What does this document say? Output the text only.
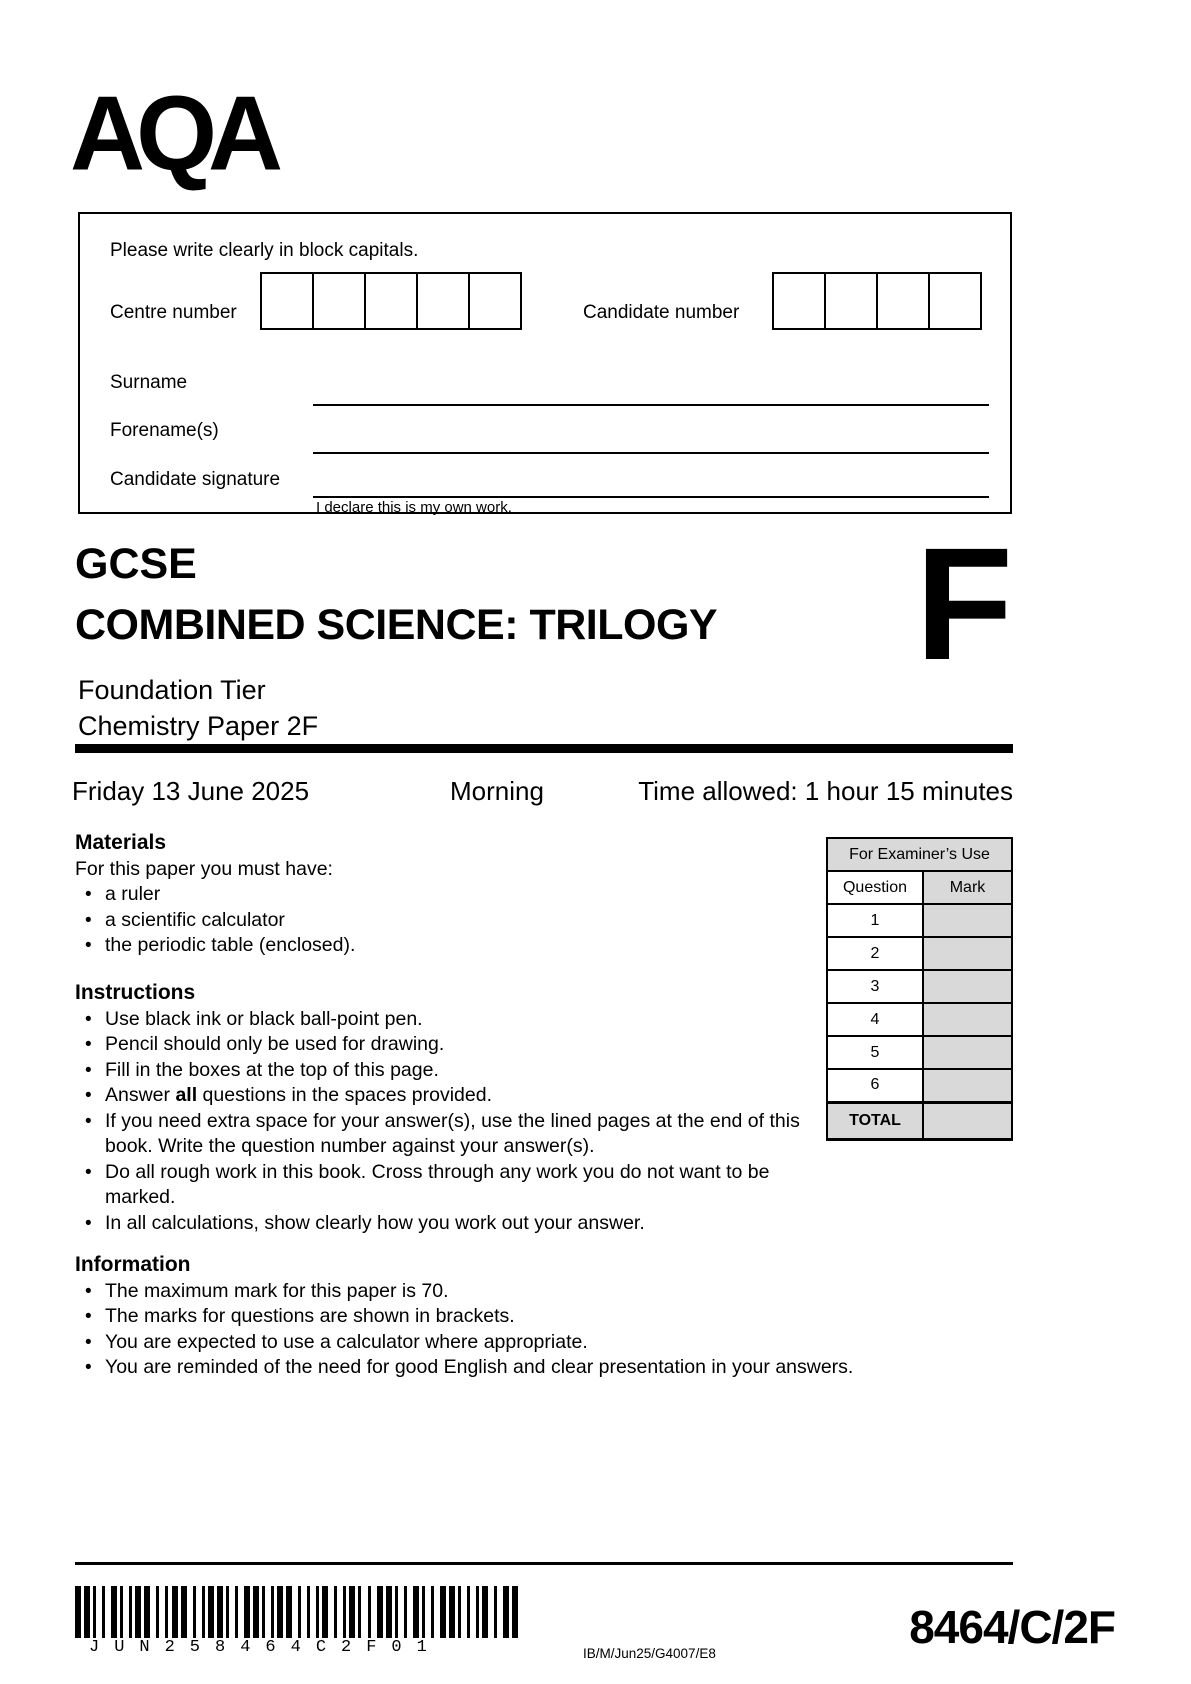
AQA
Please write clearly in block capitals.
Centre number	Candidate number
Surname
Forename(s)
Candidate signature
I declare this is my own work.
GCSE
COMBINED SCIENCE: TRILOGY F
Foundation Tier
Chemistry Paper 2F
Friday 13 June 2025	Morning	Time allowed: 1 hour 15 minutes
Materials
For this paper you must have:
• a ruler
• a scientific calculator
• the periodic table (enclosed).
For Examiner’s Use	
Question	Mark
1	
2	
3	
4	
5	
6	
TOTAL	
Instructions
• Use black ink or black ball-point pen.
• Pencil should only be used for drawing.
• Fill in the boxes at the top of this page.
• Answer all questions in the spaces provided.
• If you need extra space for your answer(s), use the lined pages at the end of this book. Write the question number against your answer(s).
• Do all rough work in this book. Cross through any work you do not want to be marked.
• In all calculations, show clearly how you work out your answer.
Information
• The maximum mark for this paper is 70.
• The marks for questions are shown in brackets.
• You are expected to use a calculator where appropriate.
• You are reminded of the need for good English and clear presentation in your answers.
JUN258464C2F01	IB/M/Jun25/G4007/E8
8464/C/2F
